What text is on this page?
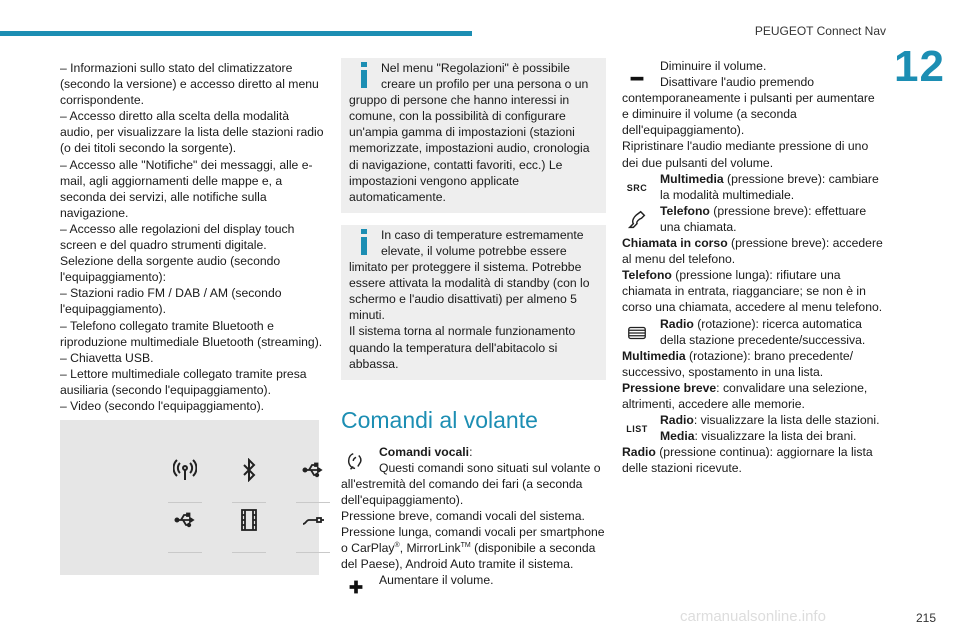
PEUGEOT Connect Nav
12

– Informazioni sullo stato del climatizzatore (secondo la versione) e accesso diretto al menu corrispondente.

– Accesso diretto alla scelta della modalità audio, per visualizzare la lista delle stazioni radio (o dei titoli secondo la sorgente).

– Accesso alle "Notifiche" dei messaggi, alle e-mail, agli aggiornamenti delle mappe e, a seconda dei servizi, alle notifiche sulla navigazione.

– Accesso alle regolazioni del display touch screen e del quadro strumenti digitale.

Selezione della sorgente audio (secondo l'equipaggiamento):

– Stazioni radio FM / DAB / AM (secondo l'equipaggiamento).

– Telefono collegato tramite Bluetooth e riproduzione multimediale Bluetooth (streaming).

– Chiavetta USB.

– Lettore multimediale collegato tramite presa ausiliaria (secondo l'equipaggiamento).

– Video (secondo l'equipaggiamento).

Nel menu "Regolazioni" è possibile creare un profilo per una persona o un gruppo di persone che hanno interessi in comune, con la possibilità di configurare un'ampia gamma di impostazioni (stazioni memorizzate, impostazioni audio, cronologia di navigazione, contatti favoriti, ecc.) Le impostazioni vengono applicate automaticamente.
In caso di temperature estremamente elevate, il volume potrebbe essere limitato per proteggere il sistema. Potrebbe essere attivata la modalità di standby (con lo schermo e l'audio disattivati) per almeno 5 minuti.
Il sistema torna al normale funzionamento quando la temperatura dell'abitacolo si abbassa.
Comandi al volante
Comandi vocali:
Questi comandi sono situati sul volante o all'estremità del comando dei fari (a seconda dell'equipaggiamento).

Pressione breve, comandi vocali del sistema.

Pressione lunga, comandi vocali per smartphone o CarPlay®, MirrorLink™ (disponibile a seconda del Paese), Android Auto tramite il sistema.

Aumentare il volume.
Diminuire il volume.
Disattivare l'audio premendo contemporaneamente i pulsanti per aumentare e diminuire il volume (a seconda dell'equipaggiamento).

Ripristinare l'audio mediante pressione di uno dei due pulsanti del volume.

SRC
Multimedia (pressione breve): cambiare la modalità multimediale.
Telefono (pressione breve): effettuare una chiamata.

Chiamata in corso (pressione breve): accedere al menu del telefono.

Telefono (pressione lunga): rifiutare una chiamata in entrata, riagganciare; se non è in corso una chiamata, accedere al menu telefono.

Radio (rotazione): ricerca automatica della stazione precedente/successiva.

Multimedia (rotazione): brano precedente/ successivo, spostamento in una lista.

Pressione breve: convalidare una selezione, altrimenti, accedere alle memorie.

LIST
Radio: visualizzare la lista delle stazioni.
Media: visualizzare la lista dei brani.

Radio (pressione continua): aggiornare la lista delle stazioni ricevute.

carmanualsonline.info	215
